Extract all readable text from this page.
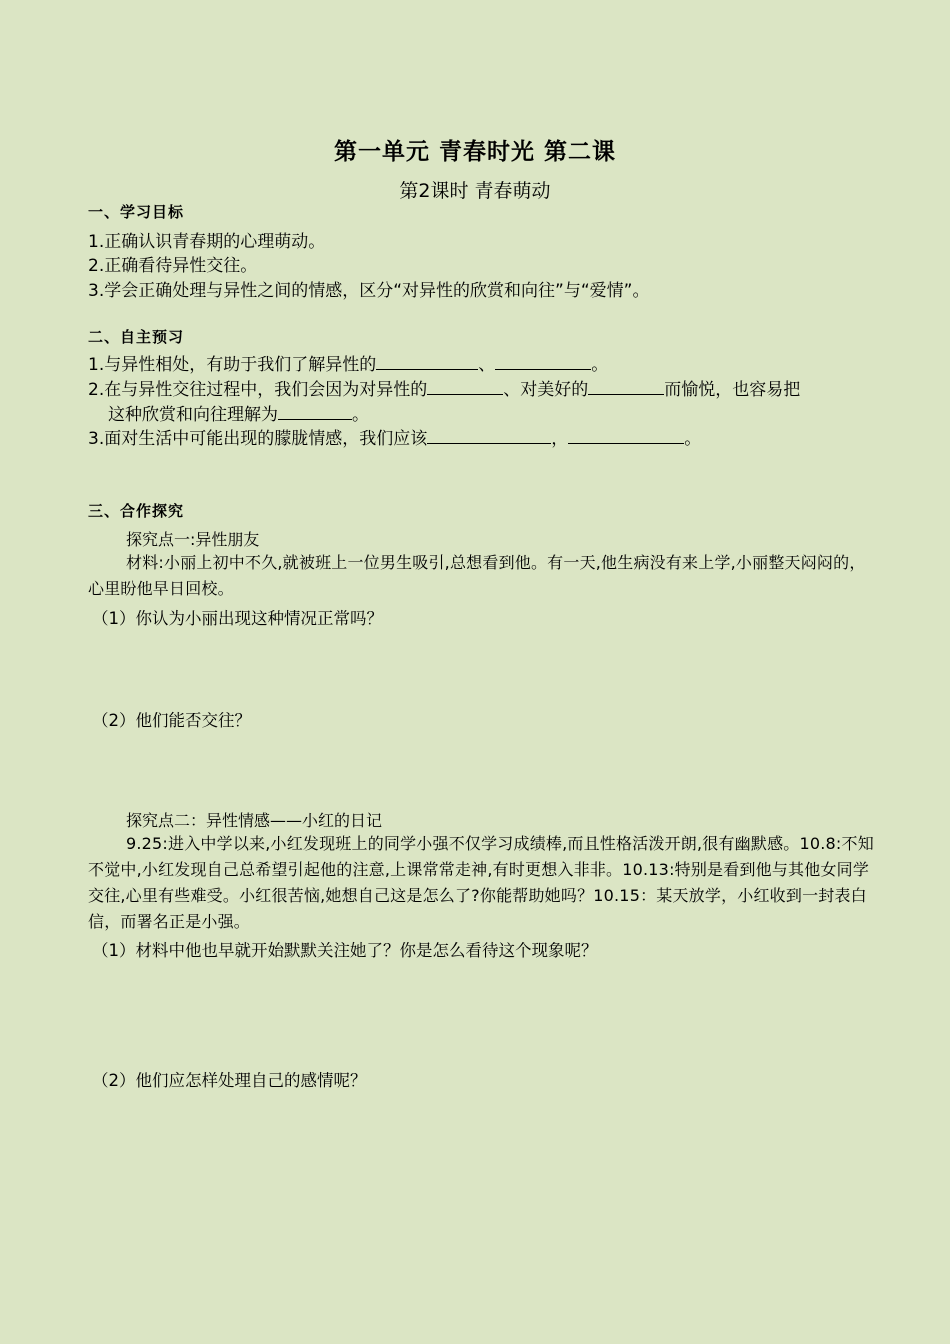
第一单元 青春时光 第二课
第2课时 青春萌动
一、学习目标
1.正确认识青春期的心理萌动。
2.正确看待异性交往。
3.学会正确处理与异性之间的情感，区分“对异性的欣赏和向往”与“爱情”。
二、自主预习
1.与异性相处，有助于我们了解异性的	、	。
2.在与异性交往过程中，我们会因为对异性的	、对美好的	而愉悦，也容易把
这种欣赏和向往理解为	。
3.面对生活中可能出现的朦胧情感，我们应该	，	。
三、合作探究
探究点一:异性朋友
材料:小丽上初中不久,就被班上一位男生吸引,总想看到他。有一天,他生病没有来上学,小丽整天闷闷的，心里盼他早日回校。
（1）你认为小丽出现这种情况正常吗？
（2）他们能否交往？
探究点二：异性情感——小红的日记
9.25:进入中学以来,小红发现班上的同学小强不仅学习成绩棒,而且性格活泼开朗,很有幽默感。10.8:不知不觉中,小红发现自己总希望引起他的注意,上课常常走神,有时更想入非非。10.13:特别是看到他与其他女同学交往,心里有些难受。小红很苦恼,她想自己这是怎么了?你能帮助她吗？10.15：某天放学，小红收到一封表白信，而署名正是小强。
（1）材料中他也早就开始默默关注她了？你是怎么看待这个现象呢？
（2）他们应怎样处理自己的感情呢？
